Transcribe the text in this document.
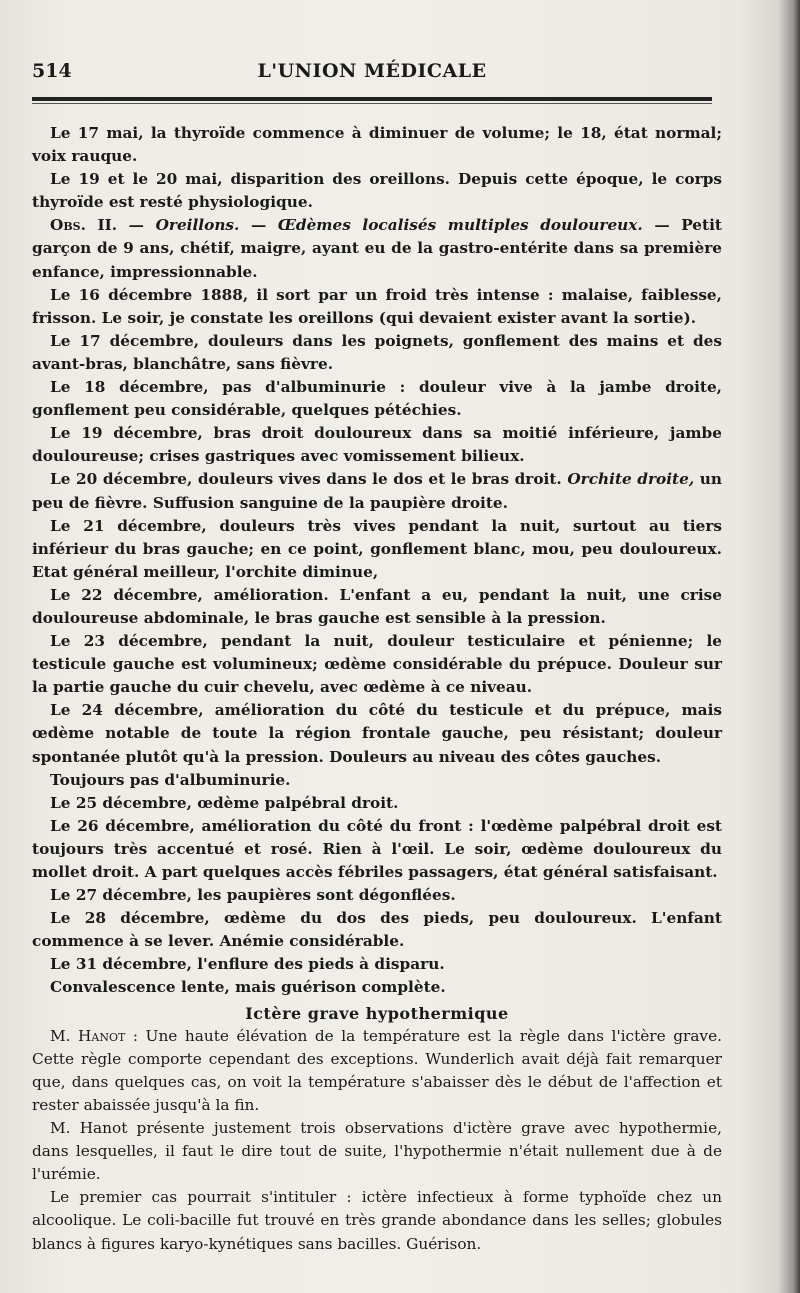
514	L'UNION MÉDICALE

Le 17 mai, la thyroïde commence à diminuer de volume; le 18, état normal; voix rauque.

Le 19 et le 20 mai, disparition des oreillons. Depuis cette époque, le corps thyroïde est resté physiologique.

Obs. II. — Oreillons. — Œdèmes localisés multiples douloureux. — Petit garçon de 9 ans, chétif, maigre, ayant eu de la gastro-entérite dans sa première enfance, impressionnable.

Le 16 décembre 1888, il sort par un froid très intense : malaise, faiblesse, frisson. Le soir, je constate les oreillons (qui devaient exister avant la sortie).

Le 17 décembre, douleurs dans les poignets, gonflement des mains et des avant-bras, blanchâtre, sans fièvre.

Le 18 décembre, pas d'albuminurie : douleur vive à la jambe droite, gonflement peu considérable, quelques pétéchies.

Le 19 décembre, bras droit douloureux dans sa moitié inférieure, jambe douloureuse; crises gastriques avec vomissement bilieux.

Le 20 décembre, douleurs vives dans le dos et le bras droit. Orchite droite, un peu de fièvre. Suffusion sanguine de la paupière droite.

Le 21 décembre, douleurs très vives pendant la nuit, surtout au tiers inférieur du bras gauche; en ce point, gonflement blanc, mou, peu douloureux. Etat général meilleur, l'orchite diminue,

Le 22 décembre, amélioration. L'enfant a eu, pendant la nuit, une crise douloureuse abdominale, le bras gauche est sensible à la pression.

Le 23 décembre, pendant la nuit, douleur testiculaire et pénienne; le testicule gauche est volumineux; œdème considérable du prépuce. Douleur sur la partie gauche du cuir chevelu, avec œdème à ce niveau.

Le 24 décembre, amélioration du côté du testicule et du prépuce, mais œdème notable de toute la région frontale gauche, peu résistant; douleur spontanée plutôt qu'à la pression. Douleurs au niveau des côtes gauches.

Toujours pas d'albuminurie.

Le 25 décembre, œdème palpébral droit.

Le 26 décembre, amélioration du côté du front : l'œdème palpébral droit est toujours très accentué et rosé. Rien à l'œil. Le soir, œdème douloureux du mollet droit. A part quelques accès fébriles passagers, état général satisfaisant.

Le 27 décembre, les paupières sont dégonflées.

Le 28 décembre, œdème du dos des pieds, peu douloureux. L'enfant commence à se lever. Anémie considérable.

Le 31 décembre, l'enflure des pieds à disparu.

Convalescence lente, mais guérison complète.

Ictère grave hypothermique

M. Hanot : Une haute élévation de la température est la règle dans l'ictère grave. Cette règle comporte cependant des exceptions. Wunderlich avait déjà fait remarquer que, dans quelques cas, on voit la température s'abaisser dès le début de l'affection et rester abaissée jusqu'à la fin.

M. Hanot présente justement trois observations d'ictère grave avec hypothermie, dans lesquelles, il faut le dire tout de suite, l'hypothermie n'était nullement due à de l'urémie.

Le premier cas pourrait s'intituler : ictère infectieux à forme typhoïde chez un alcoolique. Le coli-bacille fut trouvé en très grande abondance dans les selles; globules blancs à figures karyo-kynétiques sans bacilles. Guérison.
